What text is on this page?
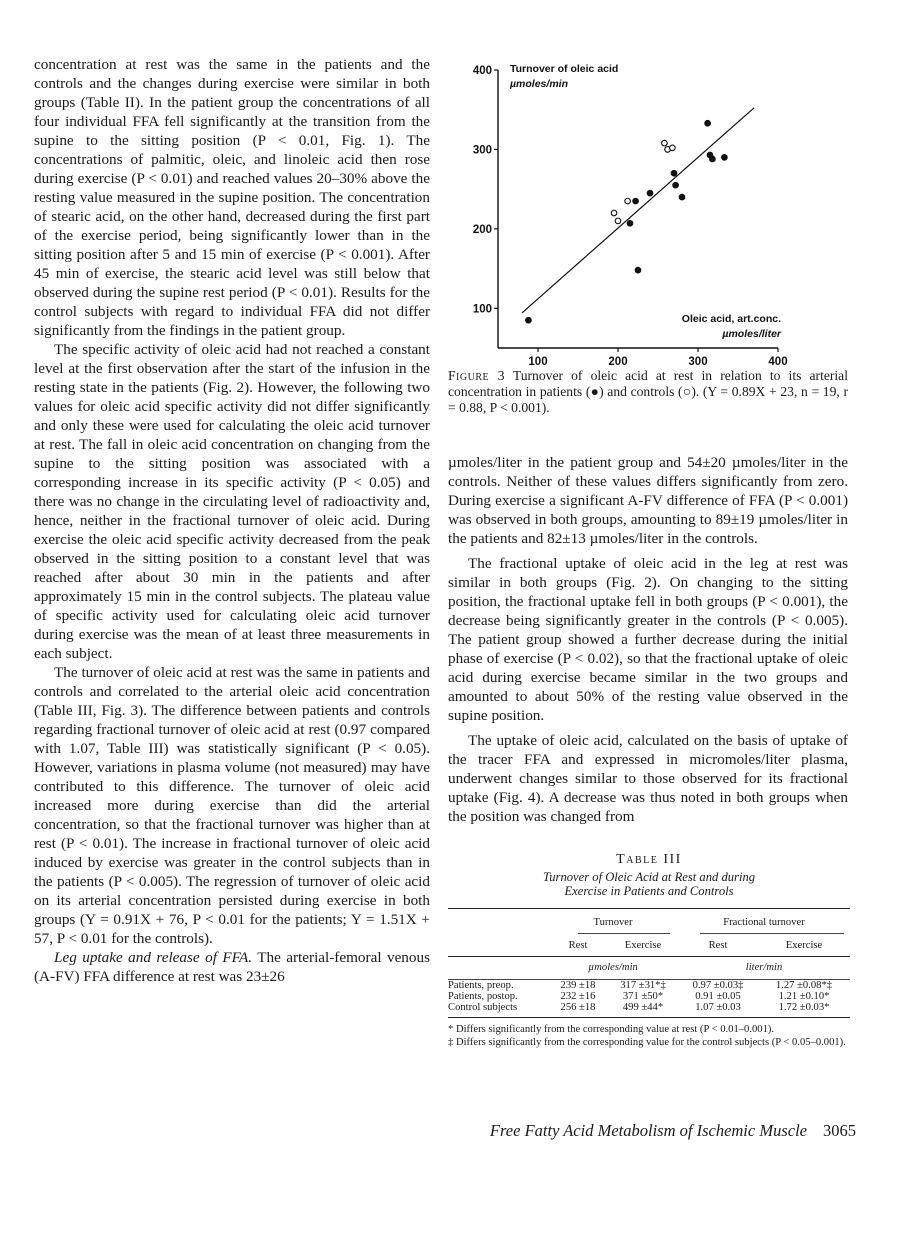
concentration at rest was the same in the patients and the controls and the changes during exercise were similar in both groups (Table II). In the patient group the concentrations of all four individual FFA fell significantly at the transition from the supine to the sitting position (P < 0.01, Fig. 1). The concentrations of palmitic, oleic, and linoleic acid then rose during exercise (P < 0.01) and reached values 20–30% above the resting value measured in the supine position. The concentration of stearic acid, on the other hand, decreased during the first part of the exercise period, being significantly lower than in the sitting position after 5 and 15 min of exercise (P < 0.001). After 45 min of exercise, the stearic acid level was still below that observed during the supine rest period (P < 0.01). Results for the control subjects with regard to individual FFA did not differ significantly from the findings in the patient group.

The specific activity of oleic acid had not reached a constant level at the first observation after the start of the infusion in the resting state in the patients (Fig. 2). However, the following two values for oleic acid specific activity did not differ significantly and only these were used for calculating the oleic acid turnover at rest. The fall in oleic acid concentration on changing from the supine to the sitting position was associated with a corresponding increase in its specific activity (P < 0.05) and there was no change in the circulating level of radioactivity and, hence, neither in the fractional turnover of oleic acid. During exercise the oleic acid specific activity decreased from the peak observed in the sitting position to a constant level that was reached after about 30 min in the patients and after approximately 15 min in the control subjects. The plateau value of specific activity used for calculating oleic acid turnover during exercise was the mean of at least three measurements in each subject.

The turnover of oleic acid at rest was the same in patients and controls and correlated to the arterial oleic acid concentration (Table III, Fig. 3). The difference between patients and controls regarding fractional turnover of oleic acid at rest (0.97 compared with 1.07, Table III) was statistically significant (P < 0.05). However, variations in plasma volume (not measured) may have contributed to this difference. The turnover of oleic acid increased more during exercise than did the arterial concentration, so that the fractional turnover was higher than at rest (P < 0.01). The increase in fractional turnover of oleic acid induced by exercise was greater in the control subjects than in the patients (P < 0.005). The regression of turnover of oleic acid on its arterial concentration persisted during exercise in both groups (Y = 0.91X + 76, P < 0.01 for the patients; Y = 1.51X + 57, P < 0.01 for the controls).

Leg uptake and release of FFA. The arterial-femoral venous (A-FV) FFA difference at rest was 23±26

100
200
300
400
100	200	300	400
Turnover of oleic acid
µmoles/min
Oleic acid, art.conc.
µmoles/liter
Figure 3 Turnover of oleic acid at rest in relation to its arterial concentration in patients (●) and controls (○). (Y = 0.89X + 23, n = 19, r = 0.88, P < 0.001).

µmoles/liter in the patient group and 54±20 µmoles/liter in the controls. Neither of these values differs significantly from zero. During exercise a significant A-FV difference of FFA (P < 0.001) was observed in both groups, amounting to 89±19 µmoles/liter in the patients and 82±13 µmoles/liter in the controls.

The fractional uptake of oleic acid in the leg at rest was similar in both groups (Fig. 2). On changing to the sitting position, the fractional uptake fell in both groups (P < 0.001), the decrease being significantly greater in the controls (P < 0.005). The patient group showed a further decrease during the initial phase of exercise (P < 0.02), so that the fractional uptake of oleic acid during exercise became similar in the two groups and amounted to about 50% of the resting value observed in the supine position.

The uptake of oleic acid, calculated on the basis of uptake of the tracer FFA and expressed in micromoles/liter plasma, underwent changes similar to those observed for its fractional uptake (Fig. 4). A decrease was thus noted in both groups when the position was changed from

Table III
Turnover of Oleic Acid at Rest and during
Exercise in Patients and Controls
	Turnover		Fractional turnover	

	Rest	Exercise	Rest	Exercise
	µmoles/min		liter/min	

Patients, preop.	239 ±18	317 ±31*‡	0.97 ±0.03‡	1.27 ±0.08*‡
Patients, postop.	232 ±16	371 ±50*	0.91 ±0.05	1.21 ±0.10*
Control subjects	256 ±18	499 ±44*	1.07 ±0.03	1.72 ±0.03*
* Differs significantly from the corresponding value at rest (P < 0.01–0.001).
‡ Differs significantly from the corresponding value for the control subjects (P < 0.05–0.001).
Free Fatty Acid Metabolism of Ischemic Muscle 3065
